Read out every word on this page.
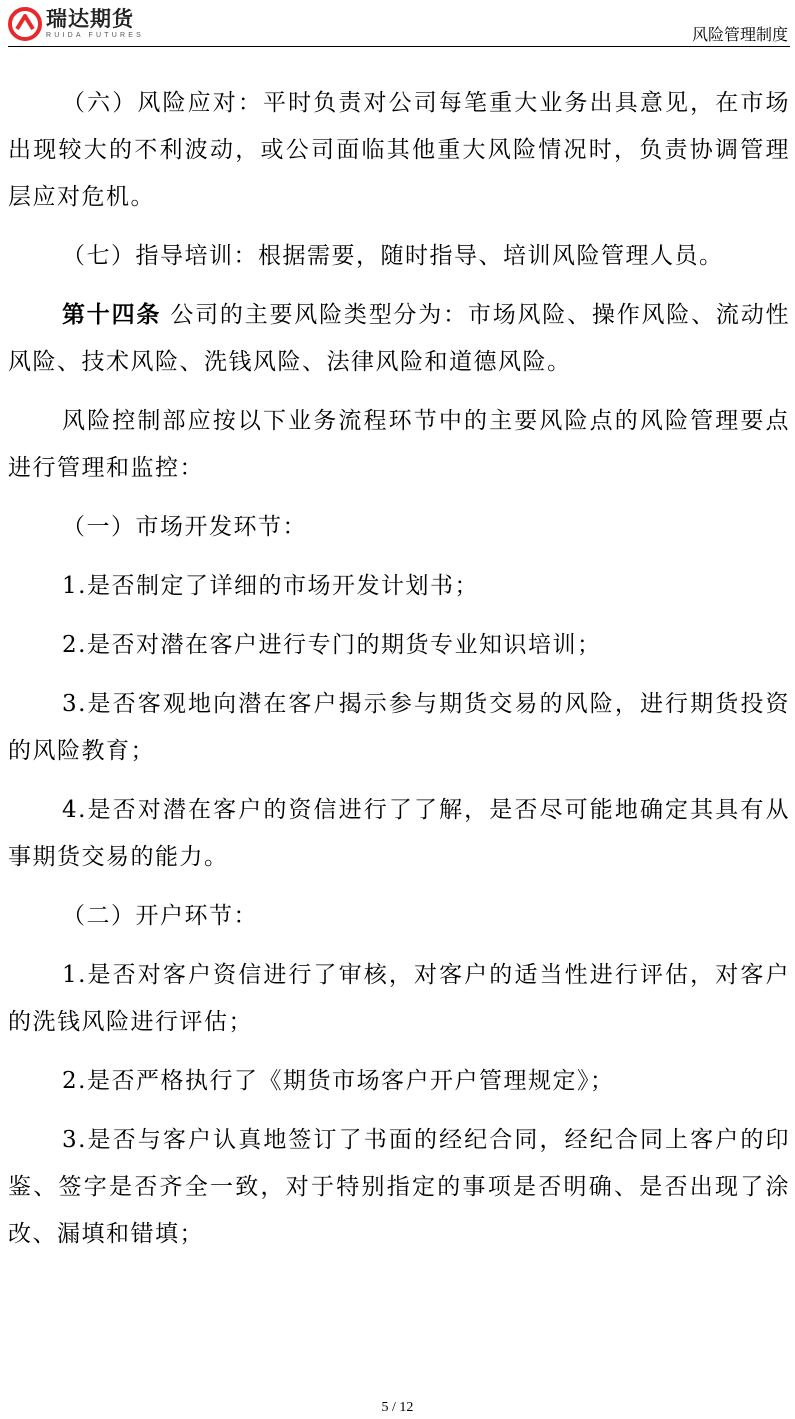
瑞达期货
RUIDA FUTURES	风险管理制度

（六）风险应对：平时负责对公司每笔重大业务出具意见，在市场出现较大的不利波动，或公司面临其他重大风险情况时，负责协调管理层应对危机。

（七）指导培训：根据需要，随时指导、培训风险管理人员。

第十四条 公司的主要风险类型分为：市场风险、操作风险、流动性风险、技术风险、洗钱风险、法律风险和道德风险。

风险控制部应按以下业务流程环节中的主要风险点的风险管理要点进行管理和监控：

（一）市场开发环节：

1.是否制定了详细的市场开发计划书；

2.是否对潜在客户进行专门的期货专业知识培训；

3.是否客观地向潜在客户揭示参与期货交易的风险，进行期货投资的风险教育；

4.是否对潜在客户的资信进行了了解，是否尽可能地确定其具有从事期货交易的能力。

（二）开户环节：

1.是否对客户资信进行了审核，对客户的适当性进行评估，对客户的洗钱风险进行评估；

2.是否严格执行了《期货市场客户开户管理规定》；

3.是否与客户认真地签订了书面的经纪合同，经纪合同上客户的印鉴、签字是否齐全一致，对于特别指定的事项是否明确、是否出现了涂改、漏填和错填；

5 / 12
